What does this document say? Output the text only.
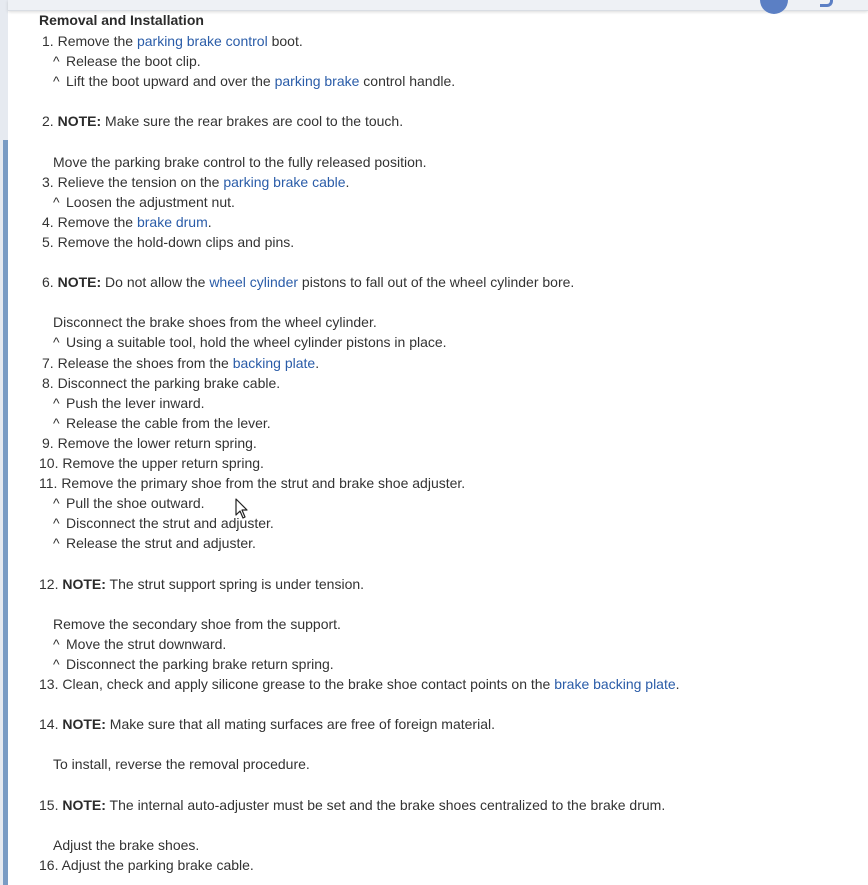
Removal and Installation
1. Remove the parking brake control boot.
^ Release the boot clip.
^ Lift the boot upward and over the parking brake control handle.
2. NOTE: Make sure the rear brakes are cool to the touch.
Move the parking brake control to the fully released position.
3. Relieve the tension on the parking brake cable.
^ Loosen the adjustment nut.
4. Remove the brake drum.
5. Remove the hold-down clips and pins.
6. NOTE: Do not allow the wheel cylinder pistons to fall out of the wheel cylinder bore.
Disconnect the brake shoes from the wheel cylinder.
^ Using a suitable tool, hold the wheel cylinder pistons in place.
7. Release the shoes from the backing plate.
8. Disconnect the parking brake cable.
^ Push the lever inward.
^ Release the cable from the lever.
9. Remove the lower return spring.
10. Remove the upper return spring.
11. Remove the primary shoe from the strut and brake shoe adjuster.
^ Pull the shoe outward.
^ Disconnect the strut and adjuster.
^ Release the strut and adjuster.
12. NOTE: The strut support spring is under tension.
Remove the secondary shoe from the support.
^ Move the strut downward.
^ Disconnect the parking brake return spring.
13. Clean, check and apply silicone grease to the brake shoe contact points on the brake backing plate.
14. NOTE: Make sure that all mating surfaces are free of foreign material.
To install, reverse the removal procedure.
15. NOTE: The internal auto-adjuster must be set and the brake shoes centralized to the brake drum.
Adjust the brake shoes.
16. Adjust the parking brake cable.
